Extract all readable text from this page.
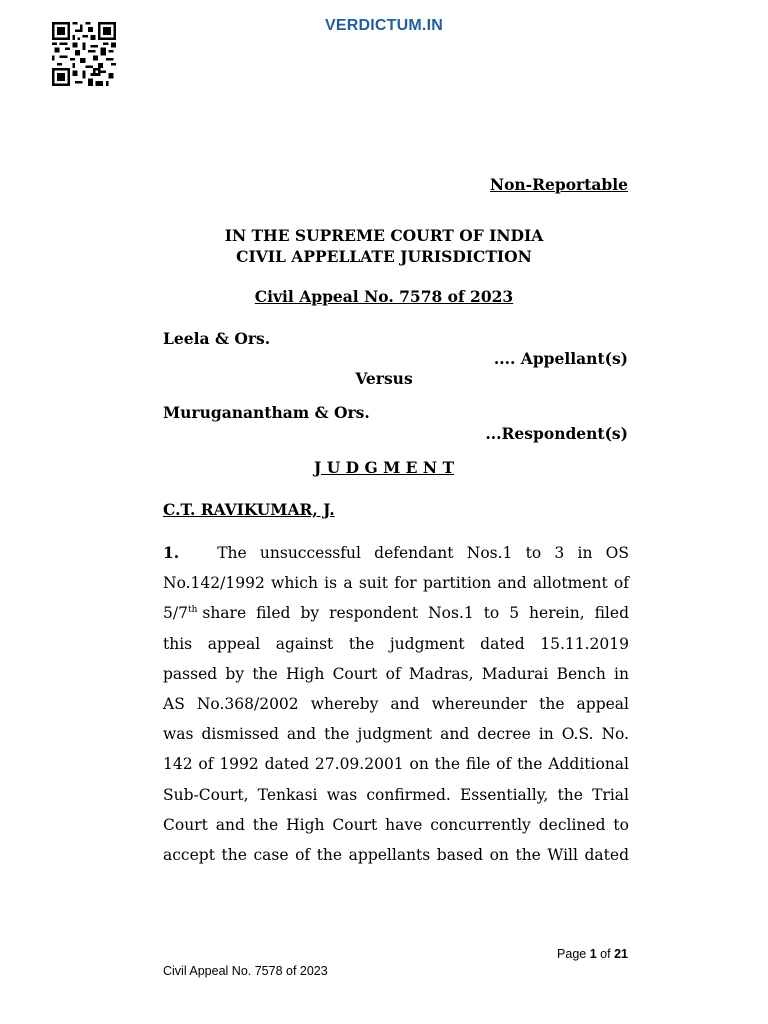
VERDICTUM.IN
Non-Reportable
IN THE SUPREME COURT OF INDIA
CIVIL APPELLATE JURISDICTION
Civil Appeal No. 7578 of 2023
Leela & Ors.
.... Appellant(s)
Versus
Muruganantham & Ors.
...Respondent(s)
J U D G M E N T
C.T. RAVIKUMAR, J.
1. The unsuccessful defendant Nos.1 to 3 in OS
No.142/1992 which is a suit for partition and allotment of
5/7th share filed by respondent Nos.1 to 5 herein, filed
this appeal against the judgment dated 15.11.2019
passed by the High Court of Madras, Madurai Bench in
AS No.368/2002 whereby and whereunder the appeal
was dismissed and the judgment and decree in O.S. No.
142 of 1992 dated 27.09.2001 on the file of the Additional
Sub-Court, Tenkasi was confirmed. Essentially, the Trial
Court and the High Court have concurrently declined to
accept the case of the appellants based on the Will dated
Page 1 of 21
Civil Appeal No. 7578 of 2023
